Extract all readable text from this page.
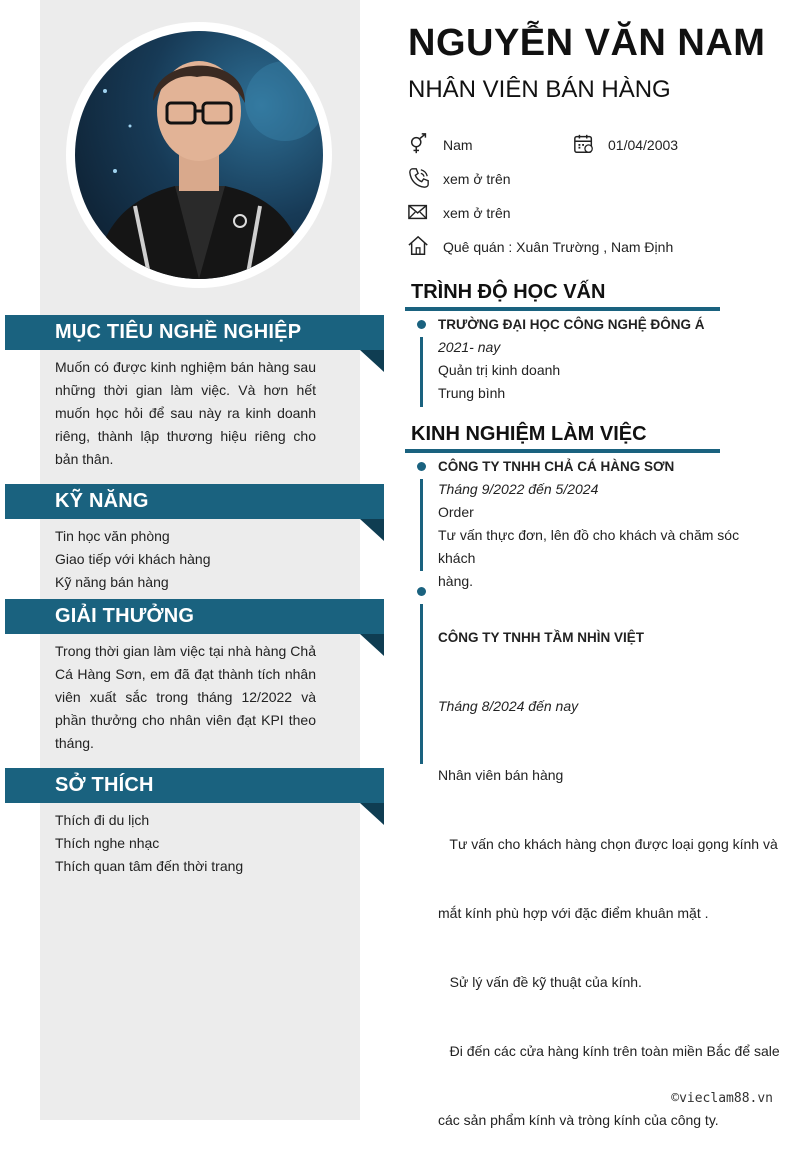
MỤC TIÊU NGHỀ NGHIỆP
Muốn có được kinh nghiệm bán hàng sau những thời gian làm việc. Và hơn hết muốn học hỏi để sau này ra kinh doanh riêng, thành lập thương hiệu riêng cho bản thân.
KỸ NĂNG
Tin học văn phòng
Giao tiếp với khách hàng
Kỹ năng bán hàng
GIẢI THƯỞNG
Trong thời gian làm việc tại nhà hàng Chả Cá Hàng Sơn, em đã đạt thành tích nhân viên xuất sắc trong tháng 12/2022 và phần thưởng cho nhân viên đạt KPI theo tháng.
SỞ THÍCH
Thích đi du lịch
Thích nghe nhạc
Thích quan tâm đến thời trang
NGUYỄN VĂN NAM
NHÂN VIÊN BÁN HÀNG
Nam	01/04/2003
xem ở trên
xem ở trên
Quê quán : Xuân Trường , Nam Định
TRÌNH ĐỘ HỌC VẤN
TRƯỜNG ĐẠI HỌC CÔNG NGHỆ ĐÔNG Á
2021- nay
Quản trị kinh doanh
Trung bình
KINH NGHIỆM LÀM VIỆC
CÔNG TY TNHH CHẢ CÁ HÀNG SƠN
Tháng 9/2022 đến 5/2024
Order
Tư vấn thực đơn, lên đồ cho khách và chăm sóc khách
hàng.

CÔNG TY TNHH TẦM NHÌN VIỆT

Tháng 8/2024 đến nay

Nhân viên bán hàng

Tư vấn cho khách hàng chọn được loại gọng kính và

mắt kính phù hợp với đặc điểm khuân mặt .

Sử lý vấn đề kỹ thuật của kính.

Đi đến các cửa hàng kính trên toàn miền Bắc để sale

các sản phẩm kính và tròng kính của công ty.

©vieclam88.vn
